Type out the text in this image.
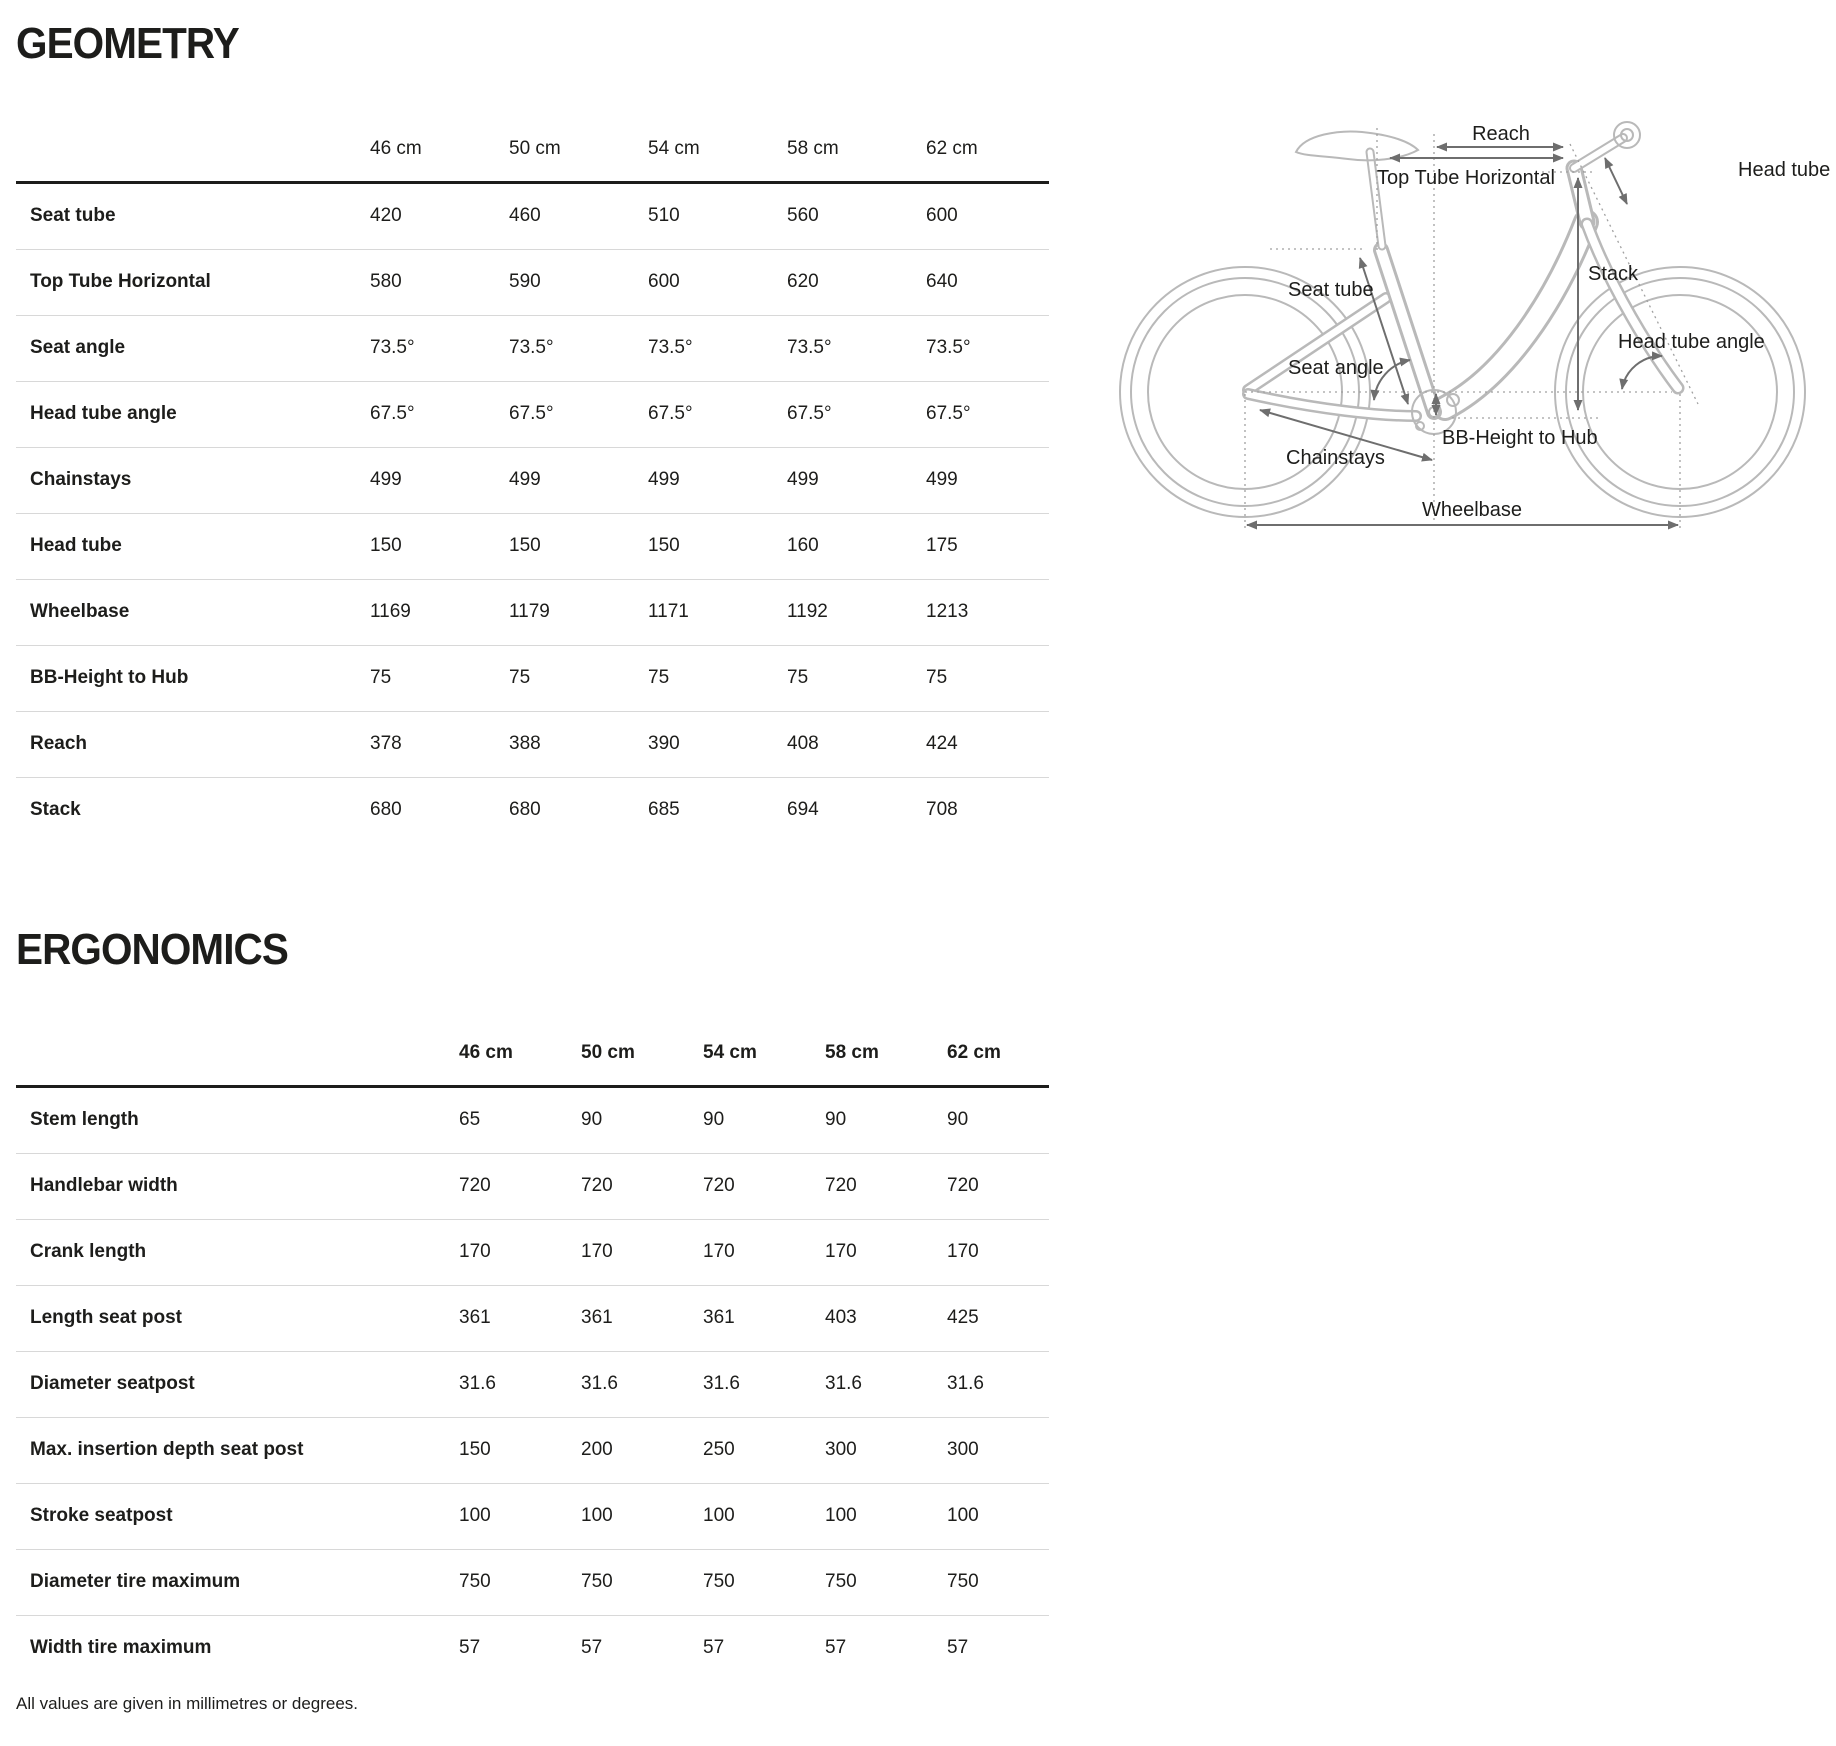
GEOMETRY
46 cm	50 cm	54 cm	58 cm	62 cm
Seat tube	420	460	510	560	600
Top Tube Horizontal	580	590	600	620	640
Seat angle	73.5°	73.5°	73.5°	73.5°	73.5°
Head tube angle	67.5°	67.5°	67.5°	67.5°	67.5°
Chainstays	499	499	499	499	499
Head tube	150	150	150	160	175
Wheelbase	1169	1179	1171	1192	1213
BB-Height to Hub	75	75	75	75	75
Reach	378	388	390	408	424
Stack	680	680	685	694	708
ERGONOMICS
46 cm	50 cm	54 cm	58 cm	62 cm
Stem length	65	90	90	90	90
Handlebar width	720	720	720	720	720
Crank length	170	170	170	170	170
Length seat post	361	361	361	403	425
Diameter seatpost	31.6	31.6	31.6	31.6	31.6
Max. insertion depth seat post	150	200	250	300	300
Stroke seatpost	100	100	100	100	100
Diameter tire maximum	750	750	750	750	750
Width tire maximum	57	57	57	57	57
All values are given in millimetres or degrees.
Reach
Top Tube Horizontal	Head tube
Seat tube
Stack
Seat angle
Head tube angle
BB-Height to Hub
Chainstays
Wheelbase
